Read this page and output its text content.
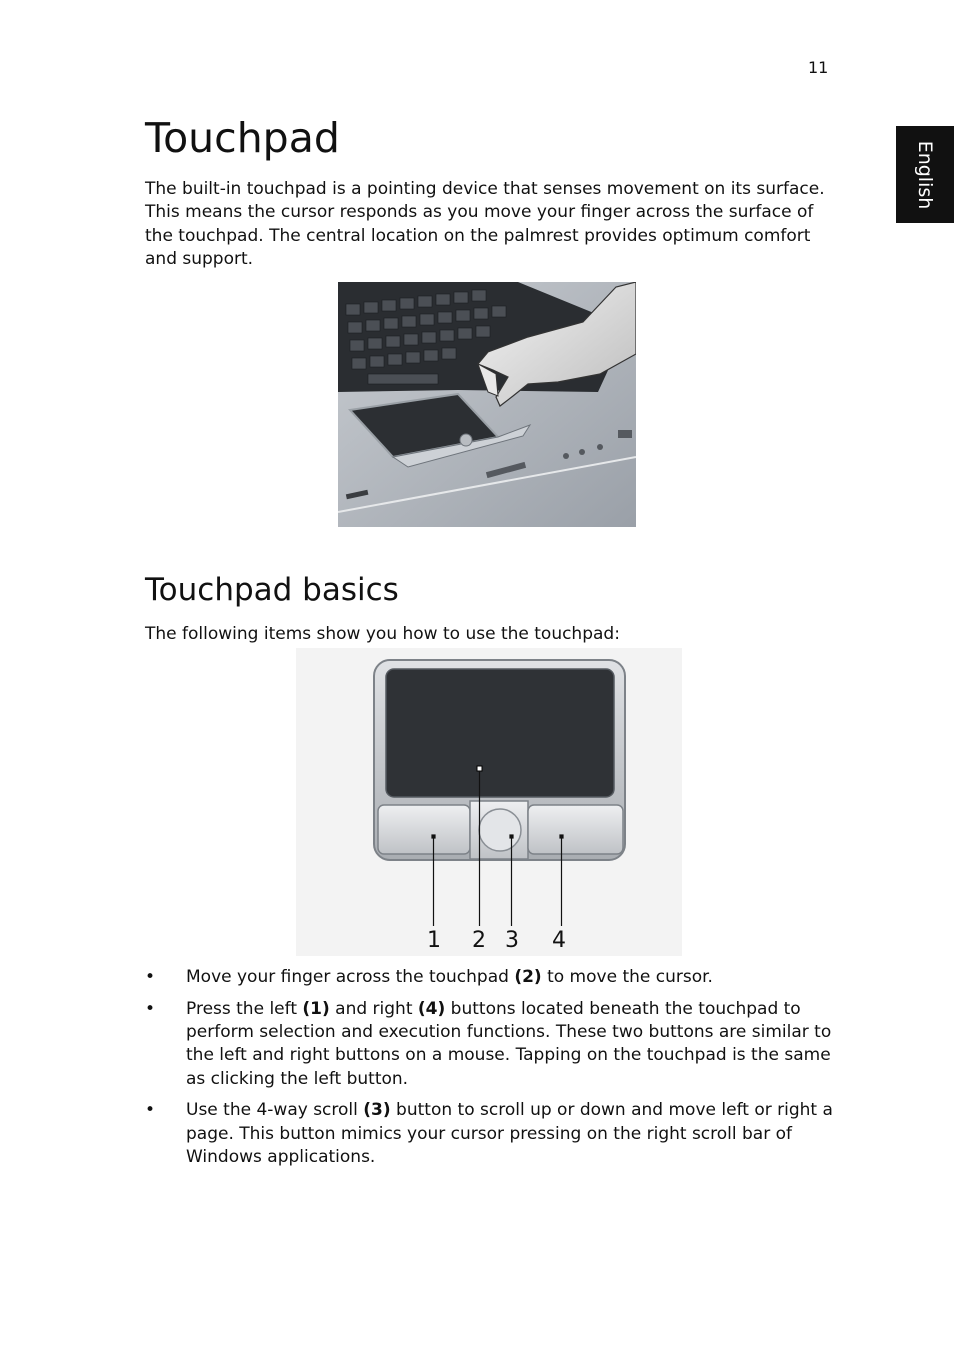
11
English
Touchpad

The built-in touchpad is a pointing device that senses movement on its surface. This means the cursor responds as you move your finger across the surface of the touchpad. The central location on the palmrest provides optimum comfort and support.

Touchpad basics

The following items show you how to use the touchpad:

1 2 3 4
• Move your finger across the touchpad (2) to move the cursor.
• Press the left (1) and right (4) buttons located beneath the touchpad to perform selection and execution functions. These two buttons are similar to the left and right buttons on a mouse. Tapping on the touchpad is the same as clicking the left button.
• Use the 4-way scroll (3) button to scroll up or down and move left or right a page. This button mimics your cursor pressing on the right scroll bar of Windows applications.
